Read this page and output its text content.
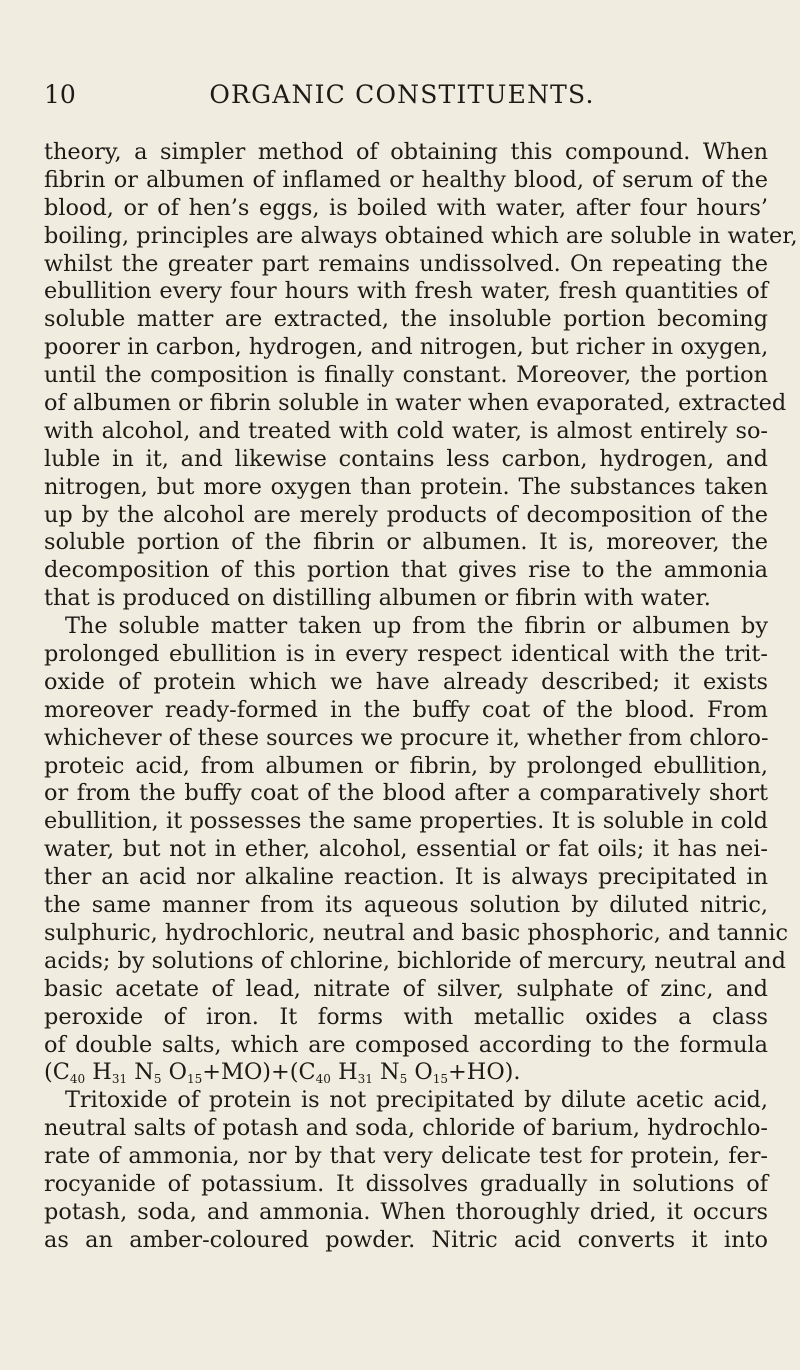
10	ORGANIC CONSTITUENTS.
theory, a simpler method of obtaining this compound. When
fibrin or albumen of inflamed or healthy blood, of serum of the
blood, or of hen’s eggs, is boiled with water, after four hours’
boiling, principles are always obtained which are soluble in water,
whilst the greater part remains undissolved. On repeating the
ebullition every four hours with fresh water, fresh quantities of
soluble matter are extracted, the insoluble portion becoming
poorer in carbon, hydrogen, and nitrogen, but richer in oxygen,
until the composition is finally constant. Moreover, the portion
of albumen or fibrin soluble in water when evaporated, extracted
with alcohol, and treated with cold water, is almost entirely so-
luble in it, and likewise contains less carbon, hydrogen, and
nitrogen, but more oxygen than protein. The substances taken
up by the alcohol are merely products of decomposition of the
soluble portion of the fibrin or albumen. It is, moreover, the
decomposition of this portion that gives rise to the ammonia
that is produced on distilling albumen or fibrin with water.
The soluble matter taken up from the fibrin or albumen by
prolonged ebullition is in every respect identical with the trit-
oxide of protein which we have already described; it exists
moreover ready-formed in the buffy coat of the blood. From
whichever of these sources we procure it, whether from chloro-
proteic acid, from albumen or fibrin, by prolonged ebullition,
or from the buffy coat of the blood after a comparatively short
ebullition, it possesses the same properties. It is soluble in cold
water, but not in ether, alcohol, essential or fat oils; it has nei-
ther an acid nor alkaline reaction. It is always precipitated in
the same manner from its aqueous solution by diluted nitric,
sulphuric, hydrochloric, neutral and basic phosphoric, and tannic
acids; by solutions of chlorine, bichloride of mercury, neutral and
basic acetate of lead, nitrate of silver, sulphate of zinc, and
peroxide of iron. It forms with metallic oxides a class
of double salts, which are composed according to the formula
($C_{40}$ $H_{31}$ $N_5$ $O_{15}+MO)+(C_{40}$ $H_{31}$ $N_5$ $O_{15}+HO$).
Tritoxide of protein is not precipitated by dilute acetic acid,
neutral salts of potash and soda, chloride of barium, hydrochlo-
rate of ammonia, nor by that very delicate test for protein, fer-
rocyanide of potassium. It dissolves gradually in solutions of
potash, soda, and ammonia. When thoroughly dried, it occurs
as an amber-coloured powder. Nitric acid converts it into
